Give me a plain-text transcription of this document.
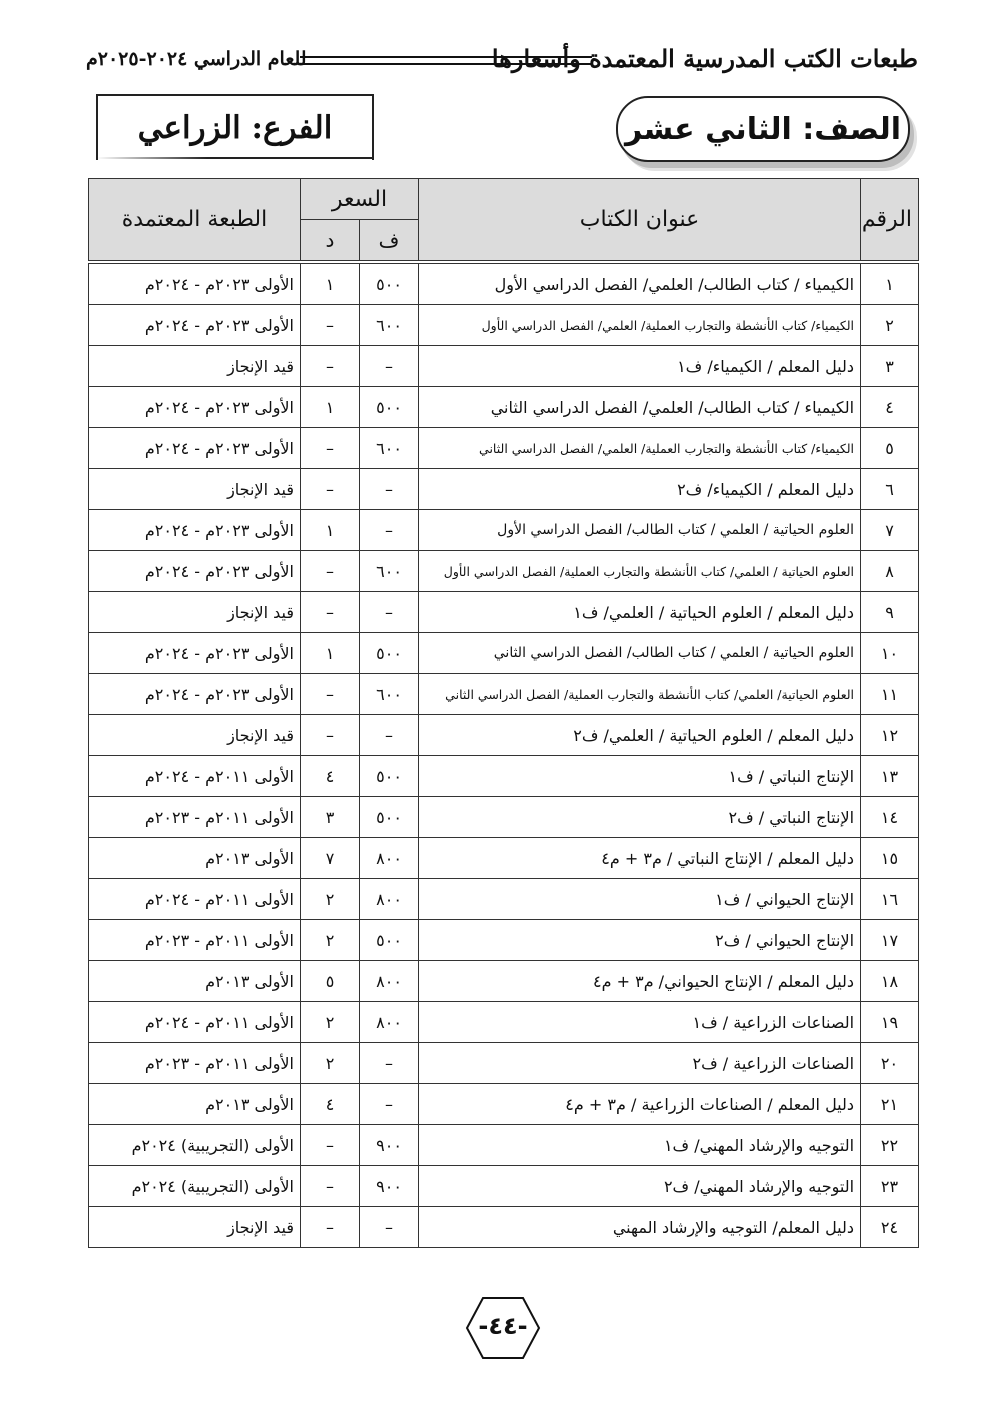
طبعات الكتب المدرسية المعتمدة وأسعارها
للعام الدراسي ٢٠٢٤-٢٠٢٥م
الصف: الثاني عشر
الفرع: الزراعي
الرقم	عنوان الكتاب	السعر		الطبعة المعتمدة
		ف	د	

١	الكيمياء / كتاب الطالب/ العلمي/ الفصل الدراسي الأول	٥٠٠	١	الأولى ٢٠٢٣م - ٢٠٢٤م
٢	الكيمياء/ كتاب الأنشطة والتجارب العملية/ العلمي/ الفصل الدراسي الأول	٦٠٠	–	الأولى ٢٠٢٣م - ٢٠٢٤م
٣	دليل المعلم / الكيمياء/ ف١	–	–	قيد الإنجاز
٤	الكيمياء / كتاب الطالب/ العلمي/ الفصل الدراسي الثاني	٥٠٠	١	الأولى ٢٠٢٣م - ٢٠٢٤م
٥	الكيمياء/ كتاب الأنشطة والتجارب العملية/ العلمي/ الفصل الدراسي الثاني	٦٠٠	–	الأولى ٢٠٢٣م - ٢٠٢٤م
٦	دليل المعلم / الكيمياء/ ف٢	–	–	قيد الإنجاز
٧	العلوم الحياتية / العلمي / كتاب الطالب/ الفصل الدراسي الأول	–	١	الأولى ٢٠٢٣م - ٢٠٢٤م
٨	العلوم الحياتية / العلمي/ كتاب الأنشطة والتجارب العملية/ الفصل الدراسي الأول	٦٠٠	–	الأولى ٢٠٢٣م - ٢٠٢٤م
٩	دليل المعلم / العلوم الحياتية / العلمي/ ف١	–	–	قيد الإنجاز
١٠	العلوم الحياتية / العلمي / كتاب الطالب/ الفصل الدراسي الثاني	٥٠٠	١	الأولى ٢٠٢٣م - ٢٠٢٤م
١١	العلوم الحياتية/ العلمي/ كتاب الأنشطة والتجارب العملية/ الفصل الدراسي الثاني	٦٠٠	–	الأولى ٢٠٢٣م - ٢٠٢٤م
١٢	دليل المعلم / العلوم الحياتية / العلمي/ ف٢	–	–	قيد الإنجاز
١٣	الإنتاج النباتي / ف١	٥٠٠	٤	الأولى ٢٠١١م - ٢٠٢٤م
١٤	الإنتاج النباتي / ف٢	٥٠٠	٣	الأولى ٢٠١١م - ٢٠٢٣م
١٥	دليل المعلم / الإنتاج النباتي / م٣ + م٤	٨٠٠	٧	الأولى ٢٠١٣م
١٦	الإنتاج الحيواني / ف١	٨٠٠	٢	الأولى ٢٠١١م - ٢٠٢٤م
١٧	الإنتاج الحيواني / ف٢	٥٠٠	٢	الأولى ٢٠١١م - ٢٠٢٣م
١٨	دليل المعلم / الإنتاج الحيواني/ م٣ + م٤	٨٠٠	٥	الأولى ٢٠١٣م
١٩	الصناعات الزراعية / ف١	٨٠٠	٢	الأولى ٢٠١١م - ٢٠٢٤م
٢٠	الصناعات الزراعية / ف٢	–	٢	الأولى ٢٠١١م - ٢٠٢٣م
٢١	دليل المعلم / الصناعات الزراعية / م٣ + م٤	–	٤	الأولى ٢٠١٣م
٢٢	التوجيه والإرشاد المهني/ ف١	٩٠٠	–	الأولى (التجريبية) ٢٠٢٤م
٢٣	التوجيه والإرشاد المهني/ ف٢	٩٠٠	–	الأولى (التجريبية) ٢٠٢٤م
٢٤	دليل المعلم/ التوجيه والإرشاد المهني	–	–	قيد الإنجاز
-٤٤-
